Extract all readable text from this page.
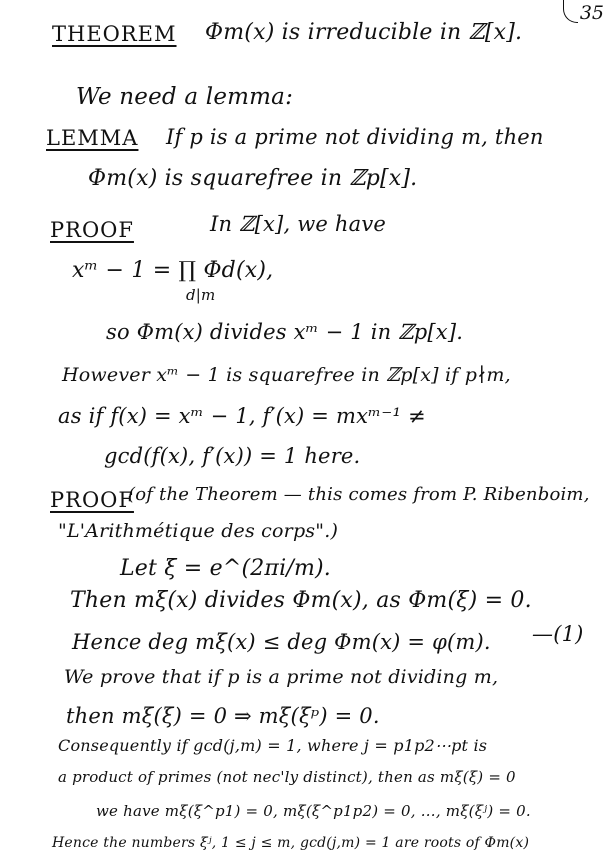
35
THEOREM Φm(x) is irreducible in ℤ[x].
We need a lemma:
LEMMA If p is a prime not dividing m, then
Φm(x) is squarefree in ℤp[x].
PROOF	In ℤ[x], we have
xᵐ − 1 = ∏ Φd(x),
d|m
so Φm(x) divides xᵐ − 1 in ℤp[x].
However xᵐ − 1 is squarefree in ℤp[x] if p∤m,
as if f(x) = xᵐ − 1, f′(x) = mxᵐ⁻¹ ≠
gcd(f(x), f′(x)) = 1 here.
PROOF
(of the Theorem — this comes from P. Ribenboim,
"L'Arithmétique des corps".)
Let ξ = e^(2πi/m).
Then mξ(x) divides Φm(x), as Φm(ξ) = 0.
Hence deg mξ(x) ≤ deg Φm(x) = φ(m). —(1)
We prove that if p is a prime not dividing m,
then mξ(ξ) = 0 ⇒ mξ(ξᵖ) = 0.
Consequently if gcd(j,m) = 1, where j = p1p2⋯pt is
a product of primes (not nec'ly distinct), then as mξ(ξ) = 0
we have mξ(ξ^p1) = 0, mξ(ξ^p1p2) = 0, …, mξ(ξʲ) = 0.
Hence the numbers ξʲ, 1 ≤ j ≤ m, gcd(j,m) = 1 are roots of Φm(x)
